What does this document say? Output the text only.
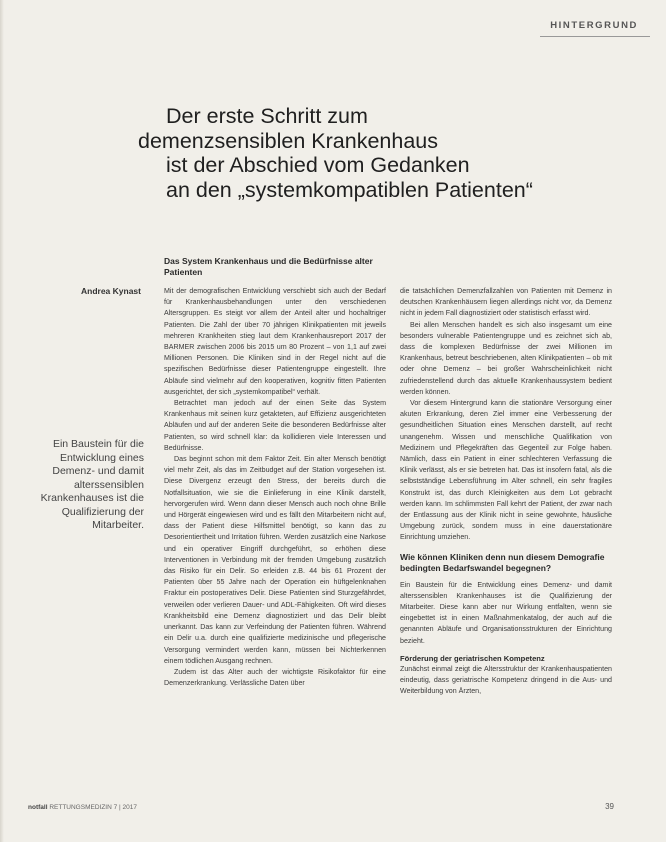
HINTERGRUND
Der erste Schritt zum
demenzsensiblen Krankenhaus
ist der Abschied vom Gedanken
an den „systemkompatiblen Patienten“
Andrea Kynast
Ein Baustein für die Entwicklung eines Demenz- und damit alterssensiblen Krankenhauses ist die Qualifizierung der Mitarbeiter.
Das System Krankenhaus und die Bedürfnisse alter Patienten

Mit der demografischen Entwicklung verschiebt sich auch der Bedarf für Krankenhausbehandlungen unter den verschiedenen Altersgruppen. Es steigt vor allem der Anteil alter und hochaltriger Patienten. Die Zahl der über 70 jährigen Klinikpatienten mit jeweils mehreren Krankheiten stieg laut dem Krankenhausreport 2017 der BARMER zwischen 2006 bis 2015 um 80 Prozent – von 1,1 auf zwei Millionen Personen. Die Kliniken sind in der Regel nicht auf die spezifischen Bedürfnisse dieser Patientengruppe eingestellt. Ihre Abläufe sind vielmehr auf den kooperativen, kognitiv fitten Patienten ausgerichtet, der sich „systemkompatibel“ verhält.

Betrachtet man jedoch auf der einen Seite das System Krankenhaus mit seinen kurz getakteten, auf Effizienz ausgerichteten Abläufen und auf der anderen Seite die besonderen Bedürfnisse alter Patienten, so wird schnell klar: da kollidieren viele Interessen und Bedürfnisse.

Das beginnt schon mit dem Faktor Zeit. Ein alter Mensch benötigt viel mehr Zeit, als das im Zeitbudget auf der Station vorgesehen ist. Diese Divergenz erzeugt den Stress, der bereits durch die Notfallsituation, wie sie die Einlieferung in eine Klinik darstellt, hervorgerufen wird. Wenn dann dieser Mensch auch noch ohne Brille und Hörgerät eingewiesen wird und es fällt den Mitarbeitern nicht auf, dass der Patient diese Hilfsmittel benötigt, so kann das zu Desorientiertheit und Irritation führen. Werden zusätzlich eine Narkose und ein operativer Eingriff durchgeführt, so erhöhen diese Interventionen in Verbindung mit der fremden Umgebung zusätzlich das Risiko für ein Delir. So erleiden z.B. 44 bis 61 Prozent der Patienten über 55 Jahre nach der Operation ein hüftgelenknahen Fraktur ein postoperatives Delir. Diese Patienten sind Sturzgefährdet, verweilen oder verlieren Dauer- und ADL-Fähigkeiten. Oft wird dieses Krankheitsbild eine Demenz diagnostiziert und das Delir bleibt unerkannt. Das kann zur Verfeindung der Patienten führen. Während ein Delir u.a. durch eine qualifizierte medizinische und pflegerische Versorgung vermindert werden kann, müssen bei Nichterkennen einem tödlichen Ausgang rechnen.

Zudem ist das Alter auch der wichtigste Risikofaktor für eine Demenzerkrankung. Verlässliche Daten über

die tatsächlichen Demenzfallzahlen von Patienten mit Demenz in deutschen Krankenhäusern liegen allerdings nicht vor, da Demenz nicht in jedem Fall diagnostiziert oder statistisch erfasst wird.

Bei allen Menschen handelt es sich also insgesamt um eine besonders vulnerable Patientengruppe und es zeichnet sich ab, dass die komplexen Bedürfnisse der zwei Millionen im Krankenhaus, betreut beschriebenen, alten Klinikpatienten – ob mit oder ohne Demenz – bei großer Wahrscheinlichkeit nicht zufriedenstellend durch das aktuelle Krankenhaussystem bedient werden können.

Vor diesem Hintergrund kann die stationäre Versorgung einer akuten Erkrankung, deren Ziel immer eine Verbesserung der gesundheitlichen Situation eines Menschen darstellt, auf recht unangenehm. Wissen und menschliche Qualifikation von Medizinern und Pflegekräften das Gegenteil zur Folge haben. Nämlich, dass ein Patient in einer schlechteren Verfassung die Klinik verlässt, als er sie betreten hat. Das ist insofern fatal, als die selbstständige Lebensführung im Alter schnell, ein sehr fragiles Konstrukt ist, das durch Kleinigkeiten aus dem Lot gebracht werden kann. Im schlimmsten Fall kehrt der Patient, der zwar nach der Entlassung aus der Klinik nicht in seine gewohnte, häusliche Umgebung zurück, sondern muss in eine dauerstationäre Einrichtung umziehen.

Wie können Kliniken denn nun diesem Demografie bedingten Bedarfswandel begegnen?

Ein Baustein für die Entwicklung eines Demenz- und damit alterssensiblen Krankenhauses ist die Qualifizierung der Mitarbeiter. Diese kann aber nur Wirkung entfalten, wenn sie eingebettet ist in einen Maßnahmenkatalog, der auch auf die genannten Abläufe und Organisationsstrukturen der Einrichtung bezieht.

Förderung der geriatrischen Kompetenz

Zunächst einmal zeigt die Altersstruktur der Krankenhauspatienten eindeutig, dass geriatrische Kompetenz dringend in die Aus- und Weiterbildung von Ärzten,

notfall RETTUNGSMEDIZIN 7 | 2017	39
